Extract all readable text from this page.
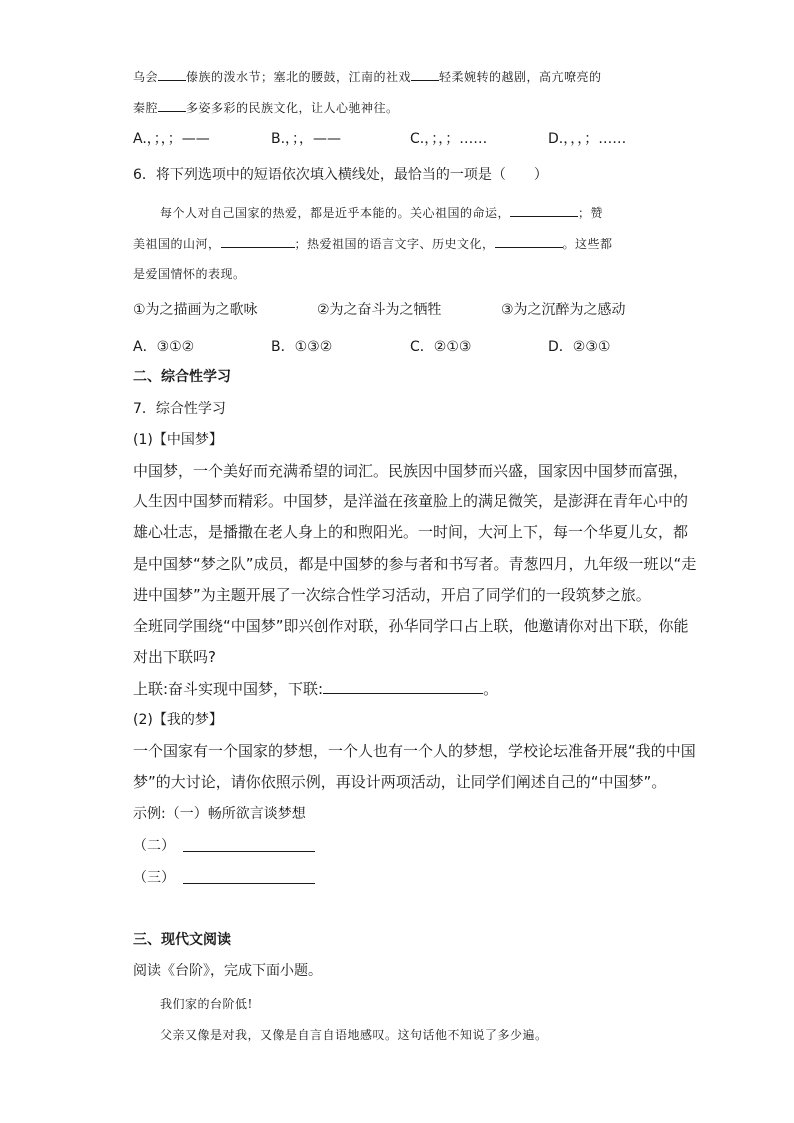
乌会 傣族的泼水节；塞北的腰鼓，江南的社戏 轻柔婉转的越剧，高亢嘹亮的
秦腔 多姿多彩的民族文化，让人心驰神往。
A.，；，；——	B.，；，——	C.，；，；……	D.，，，；……
6．将下列选项中的短语依次填入横线处，最恰当的一项是（　　）
每个人对自己国家的热爱，都是近乎本能的。关心祖国的命运，	；赞
美祖国的山河，	；热爱祖国的语言文字、历史文化，	。这些都
是爱国情怀的表现。
①为之描画为之歌咏	②为之奋斗为之牺牲	③为之沉醉为之感动
A．③①②	B．①③②	C．②①③	D．②③①
二、综合性学习
7．综合性学习
(1)【中国梦】
中国梦，一个美好而充满希望的词汇。民族因中国梦而兴盛，国家因中国梦而富强，
人生因中国梦而精彩。中国梦，是洋溢在孩童脸上的满足微笑，是澎湃在青年心中的
雄心壮志，是播撒在老人身上的和煦阳光。一时间，大河上下，每一个华夏儿女，都
是中国梦“梦之队”成员，都是中国梦的参与者和书写者。青葱四月，九年级一班以“走
进中国梦”为主题开展了一次综合性学习活动，开启了同学们的一段筑梦之旅。
全班同学围绕“中国梦”即兴创作对联，孙华同学口占上联，他邀请你对出下联，你能
对出下联吗?
上联:奋斗实现中国梦，下联:	。
(2)【我的梦】
一个国家有一个国家的梦想，一个人也有一个人的梦想，学校论坛准备开展“我的中国
梦”的大讨论，请你依照示例，再设计两项活动，让同学们阐述自己的“中国梦”。
示例:（一）畅所欲言谈梦想
（二）
（三）
三、现代文阅读
阅读《台阶》，完成下面小题。
我们家的台阶低!
父亲又像是对我，又像是自言自语地感叹。这句话他不知说了多少遍。
